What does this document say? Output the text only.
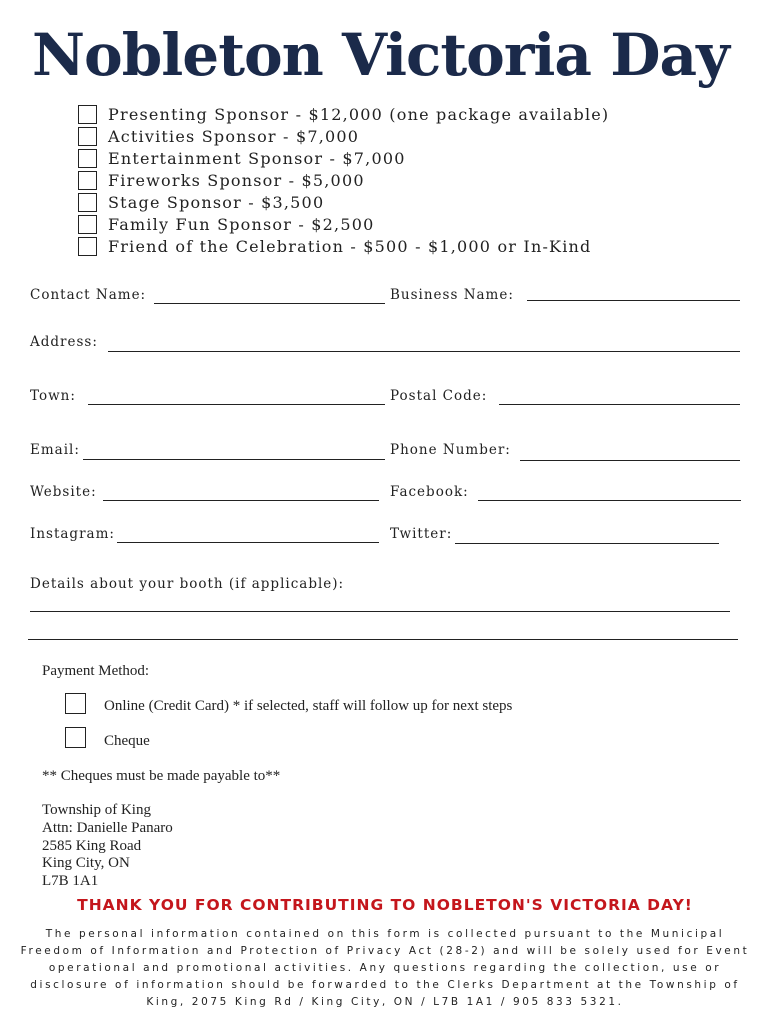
Nobleton Victoria Day
Presenting Sponsor - $12,000 (one package available)
Activities Sponsor - $7,000
Entertainment Sponsor - $7,000
Fireworks Sponsor - $5,000
Stage Sponsor - $3,500
Family Fun Sponsor - $2,500
Friend of the Celebration - $500 - $1,000 or In-Kind
Contact Name:	Business Name:
Address:
Town:	Postal Code:
Email:	Phone Number:
Website:	Facebook:
Instagram:	Twitter:
Details about your booth (if applicable):
Payment Method:
Online (Credit Card) * if selected, staff will follow up for next steps
Cheque
** Cheques must be made payable to**
Township of King
Attn: Danielle Panaro
2585 King Road
King City, ON
L7B 1A1
THANK YOU FOR CONTRIBUTING TO NOBLETON'S VICTORIA DAY!
The personal information contained on this form is collected pursuant to the Municipal
Freedom of Information and Protection of Privacy Act (28-2) and will be solely used for Event
operational and promotional activities. Any questions regarding the collection, use or
disclosure of information should be forwarded to the Clerks Department at the Township of
King, 2075 King Rd / King City, ON / L7B 1A1 / 905 833 5321.
